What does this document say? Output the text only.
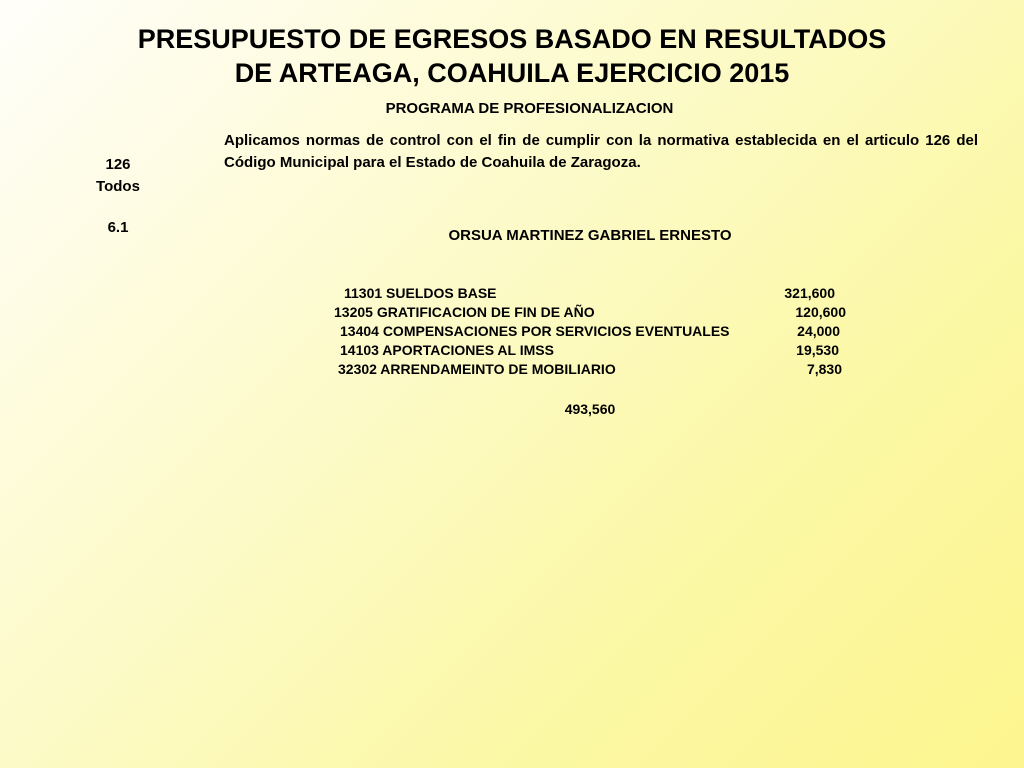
PRESUPUESTO DE EGRESOS BASADO EN RESULTADOS
DE ARTEAGA, COAHUILA EJERCICIO 2015
PROGRAMA DE PROFESIONALIZACION
126
Todos
6.1

Aplicamos normas de control con el fin de cumplir con la normativa establecida en el articulo 126 del Código Municipal para el Estado de Coahuila de Zaragoza.

ORSUA MARTINEZ GABRIEL ERNESTO
11301 SUELDOS BASE	321,600
13205 GRATIFICACION DE FIN DE AÑO	120,600
13404 COMPENSACIONES POR SERVICIOS EVENTUALES	24,000
14103 APORTACIONES AL IMSS	19,530
32302 ARRENDAMEINTO DE MOBILIARIO	7,830
493,560
